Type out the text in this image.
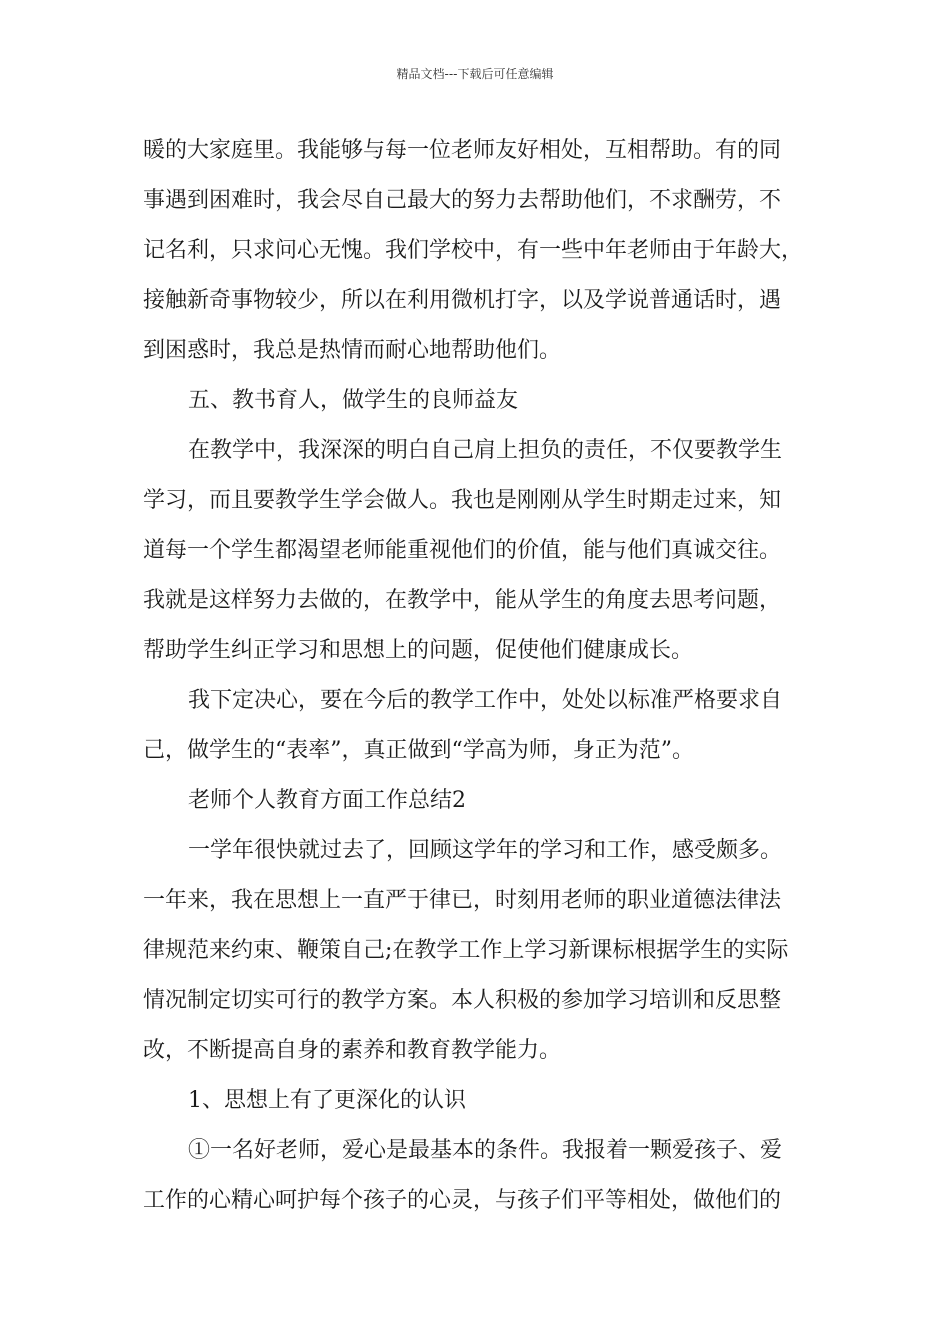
精品文档---下载后可任意编辑
暖的大家庭里。我能够与每一位老师友好相处，互相帮助。有的同
事遇到困难时，我会尽自己最大的努力去帮助他们，不求酬劳，不
记名利，只求问心无愧。我们学校中，有一些中年老师由于年龄大，
接触新奇事物较少，所以在利用微机打字，以及学说普通话时，遇
到困惑时，我总是热情而耐心地帮助他们。
五、教书育人，做学生的良师益友
在教学中，我深深的明白自己肩上担负的责任，不仅要教学生
学习，而且要教学生学会做人。我也是刚刚从学生时期走过来，知
道每一个学生都渴望老师能重视他们的价值，能与他们真诚交往。
我就是这样努力去做的，在教学中，能从学生的角度去思考问题，
帮助学生纠正学习和思想上的问题，促使他们健康成长。
我下定决心，要在今后的教学工作中，处处以标准严格要求自
己，做学生的“表率”，真正做到“学高为师，身正为范”。
老师个人教育方面工作总结2
一学年很快就过去了，回顾这学年的学习和工作，感受颇多。
一年来，我在思想上一直严于律已，时刻用老师的职业道德法律法
律规范来约束、鞭策自己;在教学工作上学习新课标根据学生的实际
情况制定切实可行的教学方案。本人积极的参加学习培训和反思整
改，不断提高自身的素养和教育教学能力。
1、思想上有了更深化的认识
①一名好老师，爱心是最基本的条件。我报着一颗爱孩子、爱
工作的心精心呵护每个孩子的心灵，与孩子们平等相处，做他们的
